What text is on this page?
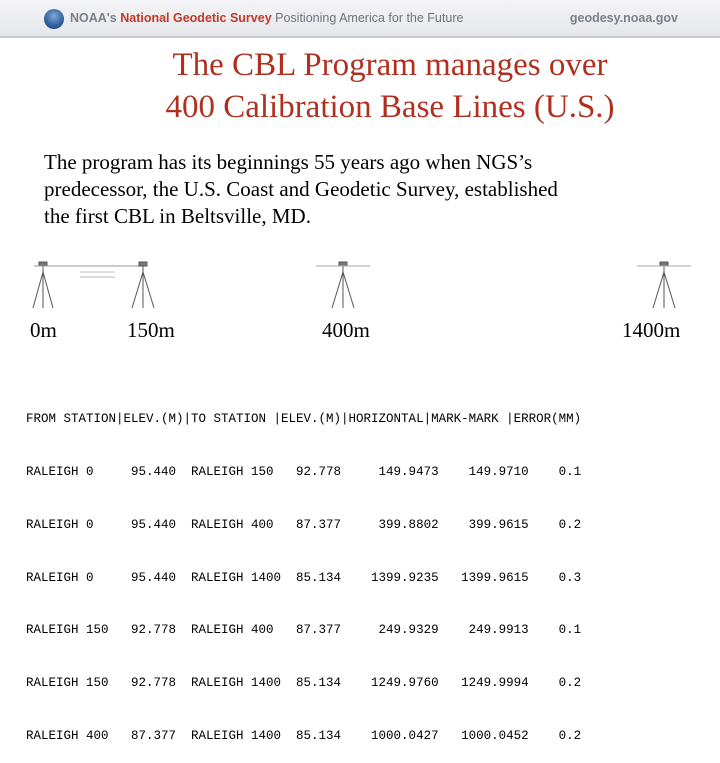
NOAA's National Geodetic Survey Positioning America for the Future	geodesy.noaa.gov
The CBL Program manages over
400 Calibration Base Lines (U.S.)
The program has its beginnings 55 years ago when NGS’s
predecessor, the U.S. Coast and Geodetic Survey, established
the first CBL in Beltsville, MD.
0m	150m	400m	1400m

FROM STATION|ELEV.(M)|TO STATION |ELEV.(M)|HORIZONTAL|MARK-MARK |ERROR(MM)

RALEIGH 0     95.440  RALEIGH 150   92.778     149.9473    149.9710    0.1

RALEIGH 0     95.440  RALEIGH 400   87.377     399.8802    399.9615    0.2

RALEIGH 0     95.440  RALEIGH 1400  85.134    1399.9235   1399.9615    0.3

RALEIGH 150   92.778  RALEIGH 400   87.377     249.9329    249.9913    0.1

RALEIGH 150   92.778  RALEIGH 1400  85.134    1249.9760   1249.9994    0.2

RALEIGH 400   87.377  RALEIGH 1400  85.134    1000.0427   1000.0452    0.2
